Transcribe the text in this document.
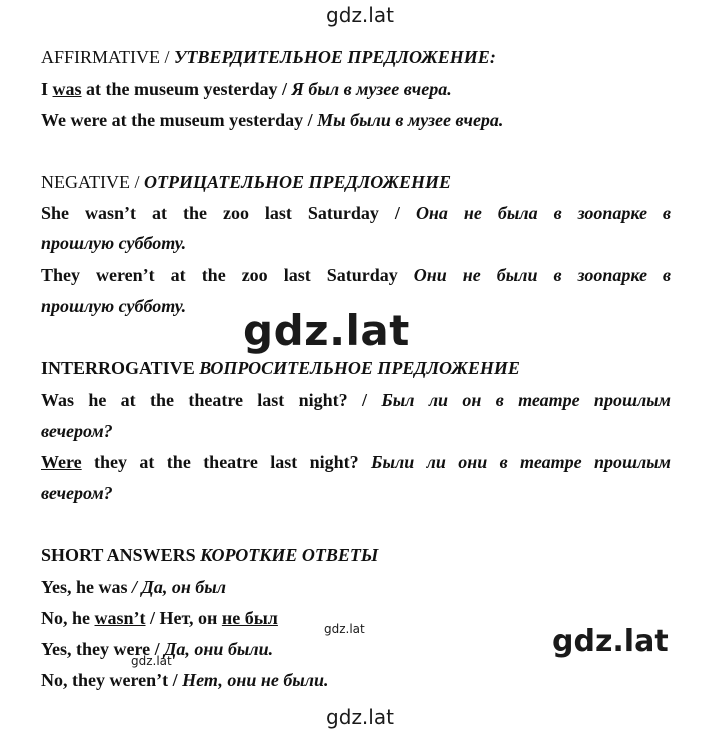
gdz.lat
gdz.lat
gdz.lat
gdz.lat
gdz.lat
gdz.lat
AFFIRMATIVE / УТВЕРДИТЕЛЬНОЕ ПРЕДЛОЖЕНИЕ:
I was at the museum yesterday / Я был в музее вчера.
We were at the museum yesterday / Мы были в музее вчера.
NEGATIVE / ОТРИЦАТЕЛЬНОЕ ПРЕДЛОЖЕНИЕ
She wasn’t at the zoo last Saturday / Она не была в зоопарке в
прошлую субботу.
They weren’t at the zoo last Saturday Они не были в зоопарке в
прошлую субботу.
INTERROGATIVE ВОПРОСИТЕЛЬНОЕ ПРЕДЛОЖЕНИЕ
Was he at the theatre last night? / Был ли он в театре прошлым
вечером?
Were they at the theatre last night? Были ли они в театре прошлым
вечером?
SHORT ANSWERS КОРОТКИЕ ОТВЕТЫ
Yes, he was / Да, он был
No, he wasn’t / Нет, он не был
Yes, they were / Да, они были.
No, they weren’t / Нет, они не были.
